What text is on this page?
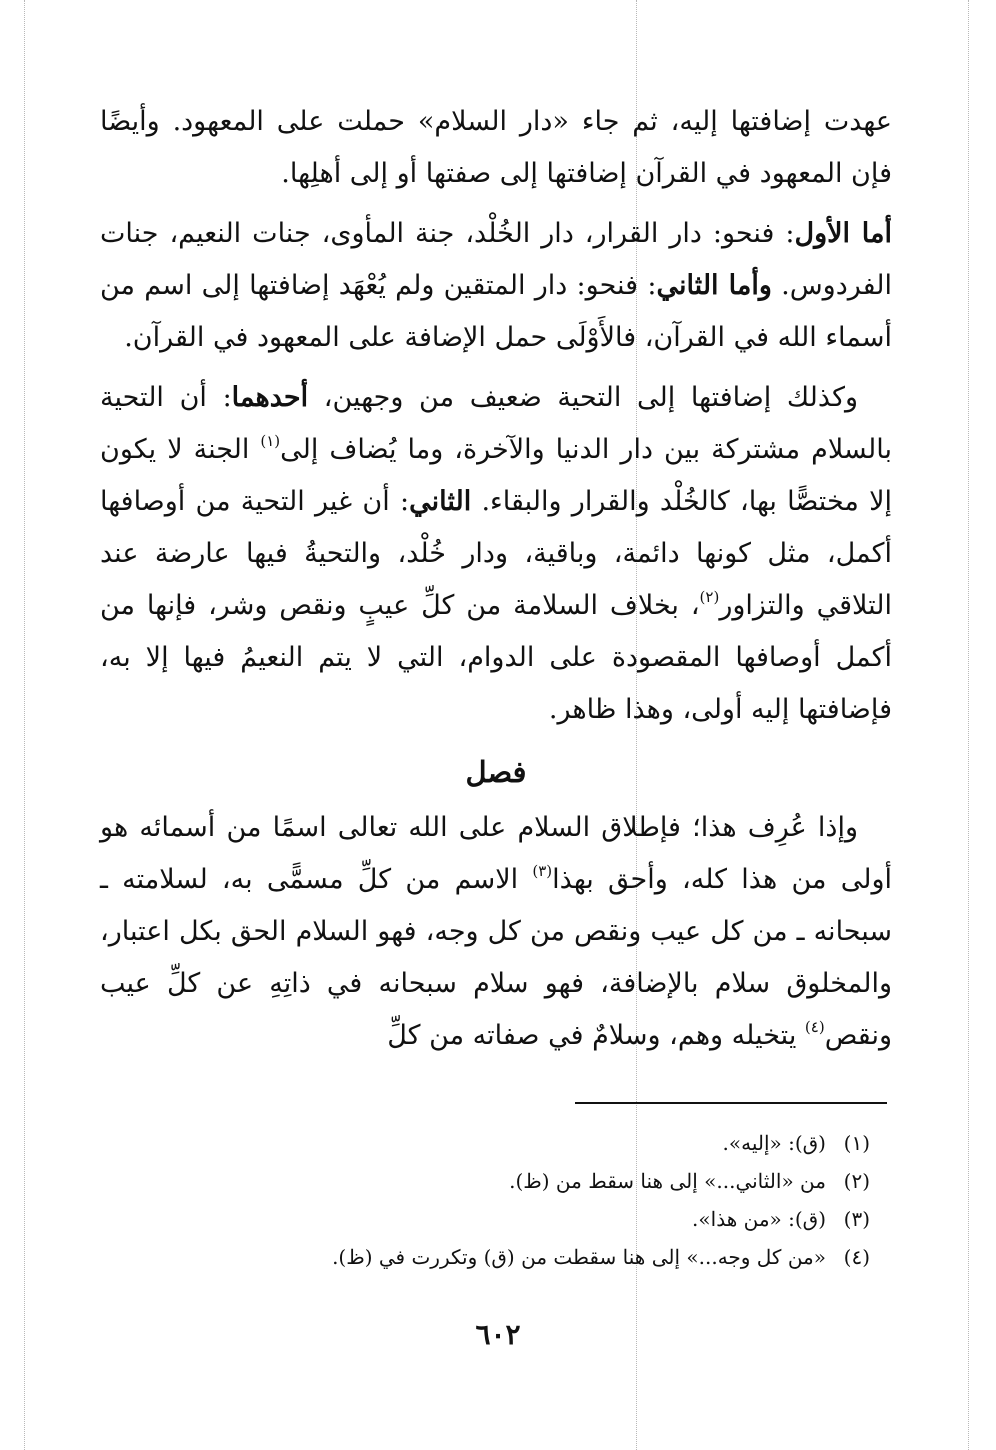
عهدت إضافتها إليه، ثم جاء «دار السلام» حملت على المعهود. وأيضًا فإن المعهود في القرآن إضافتها إلى صفتها أو إلى أهلِها.

أما الأول: فنحو: دار القرار، دار الخُلْد، جنة المأوى، جنات النعيم، جنات الفردوس. وأما الثاني: فنحو: دار المتقين ولم يُعْهَد إضافتها إلى اسم من أسماء الله في القرآن، فالأَوْلَى حمل الإضافة على المعهود في القرآن.

وكذلك إضافتها إلى التحية ضعيف من وجهين، أحدهما: أن التحية بالسلام مشتركة بين دار الدنيا والآخرة، وما يُضاف إلى$^{(١)}$ الجنة لا يكون إلا مختصًّا بها، كالخُلْد والقرار والبقاء. الثاني: أن غير التحية من أوصافها أكمل، مثل كونها دائمة، وباقية، ودار خُلْد، والتحيةُ فيها عارضة عند التلاقي والتزاور$^{(٢)}$، بخلاف السلامة من كلِّ عيبٍ ونقص وشر، فإنها من أكمل أوصافها المقصودة على الدوام، التي لا يتم النعيمُ فيها إلا به، فإضافتها إليه أولى، وهذا ظاهر.

فصل

وإذا عُرِف هذا؛ فإطلاق السلام على الله تعالى اسمًا من أسمائه هو أولى من هذا كله، وأحق بهذا$^{(٣)}$ الاسم من كلِّ مسمًّى به، لسلامته ـ سبحانه ـ من كل عيب ونقص من كل وجه، فهو السلام الحق بكل اعتبار، والمخلوق سلام بالإضافة، فهو سلام سبحانه في ذاتِهِ عن كلِّ عيب ونقص$^{(٤)}$ يتخيله وهم، وسلامٌ في صفاته من كلِّ

(١)(ق): «إليه».

(٢)من «الثاني...» إلى هنا سقط من (ظ).

(٣)(ق): «من هذا».

(٤)«من كل وجه...» إلى هنا سقطت من (ق) وتكررت في (ظ).

٦٠٢
